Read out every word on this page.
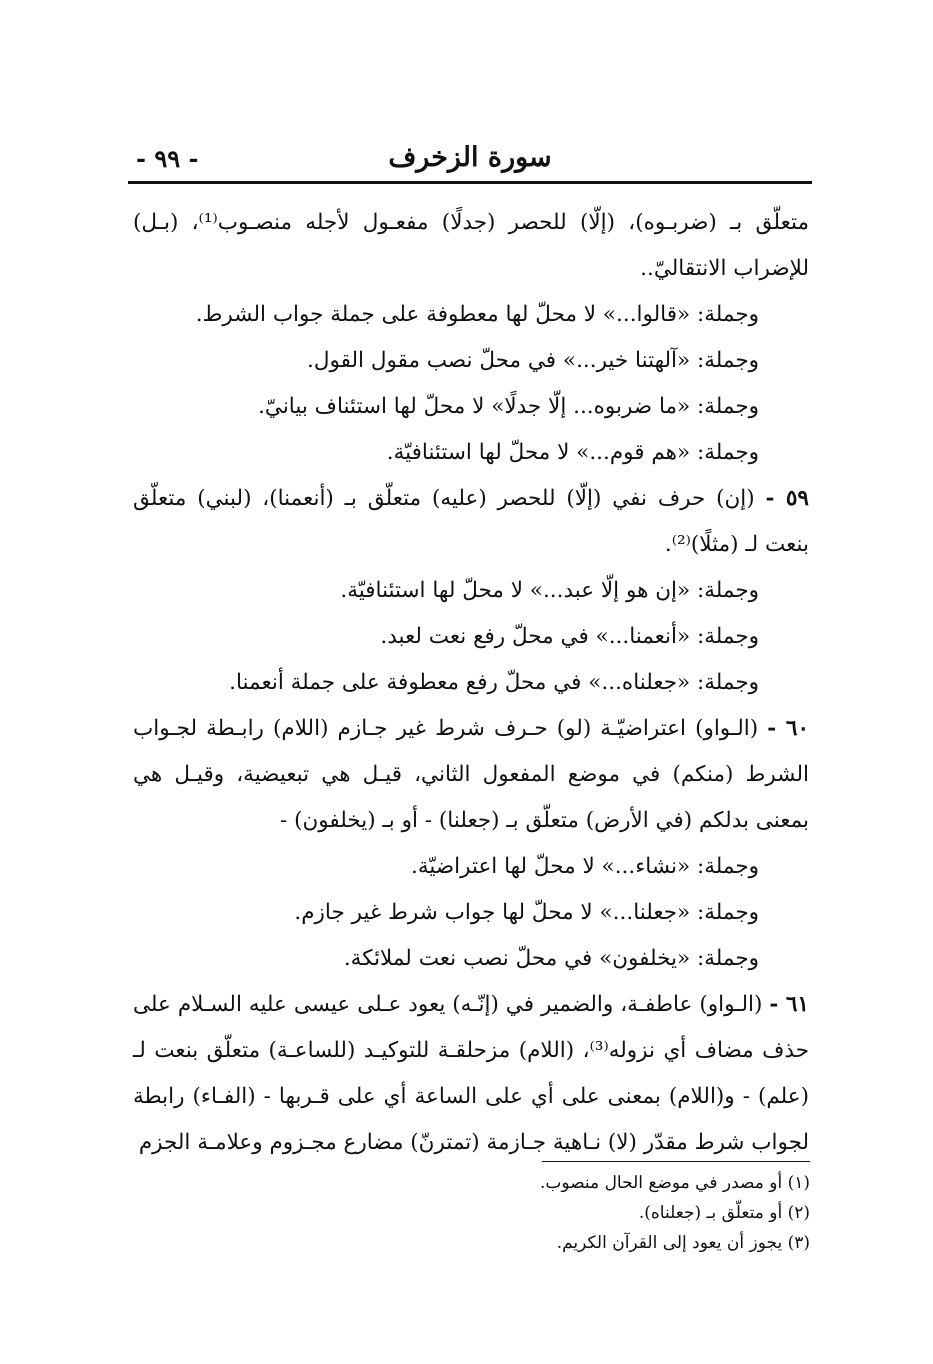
سورة الزخرف
- ٩٩ -

متعلّق بـ (ضربـوه)، (إلّا) للحصر (جدلًا) مفعـول لأجله منصـوب⁽¹⁾، (بـل) للإضراب الانتقاليّ..

وجملة: «قالوا...» لا محلّ لها معطوفة على جملة جواب الشرط.

وجملة: «آلهتنا خير...» في محلّ نصب مقول القول.

وجملة: «ما ضربوه... إلّا جدلًا» لا محلّ لها استئناف بيانيّ.

وجملة: «هم قوم...» لا محلّ لها استئنافيّة.

٥٩ - (إن) حرف نفي (إلّا) للحصر (عليه) متعلّق بـ (أنعمنا)، (لبني) متعلّق بنعت لـ (مثلًا)⁽²⁾.

وجملة: «إن هو إلّا عبد...» لا محلّ لها استئنافيّة.

وجملة: «أنعمنا...» في محلّ رفع نعت لعبد.

وجملة: «جعلناه...» في محلّ رفع معطوفة على جملة أنعمنا.

٦٠ - (الـواو) اعتراضيّـة (لو) حـرف شرط غير جـازم (اللام) رابـطة لجـواب الشرط (منكم) في موضع المفعول الثاني، قيـل هي تبعيضية، وقيـل هي بمعنى بدلكم (في الأرض) متعلّق بـ (جعلنا) - أو بـ (يخلفون) -

وجملة: «نشاء...» لا محلّ لها اعتراضيّة.

وجملة: «جعلنا...» لا محلّ لها جواب شرط غير جازم.

وجملة: «يخلفون» في محلّ نصب نعت لملائكة.

٦١ - (الـواو) عاطفـة، والضمير في (إنّـه) يعود عـلى عيسى عليه السـلام على حذف مضاف أي نزوله⁽³⁾، (اللام) مزحلقـة للتوكيـد (للساعـة) متعلّق بنعت لـ (علم) - و(اللام) بمعنى على أي على الساعة أي على قـربها - (الفـاء) رابطة لجواب شرط مقدّر (لا) نـاهية جـازمة (تمترنّ) مضارع مجـزوم وعلامـة الجزم

(١) أو مصدر في موضع الحال منصوب.

(٢) أو متعلّق بـ (جعلناه).

(٣) يجوز أن يعود إلى القرآن الكريم.
